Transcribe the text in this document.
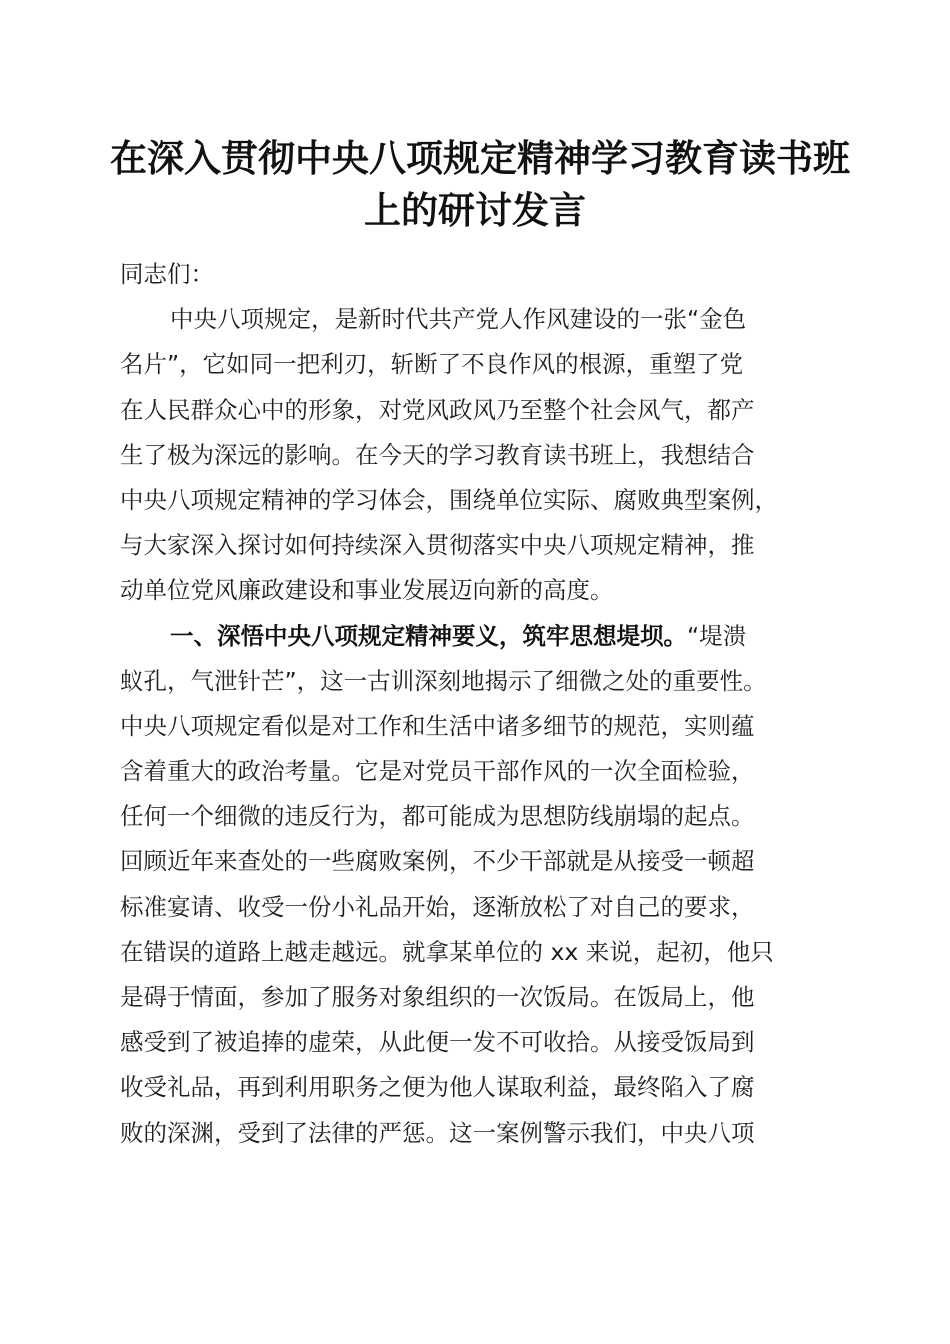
在深入贯彻中央八项规定精神学习教育读书班
上的研讨发言
同志们：
中央八项规定，是新时代共产党人作风建设的一张“金色
名片”，它如同一把利刃，斩断了不良作风的根源，重塑了党
在人民群众心中的形象，对党风政风乃至整个社会风气，都产
生了极为深远的影响。在今天的学习教育读书班上，我想结合
中央八项规定精神的学习体会，围绕单位实际、腐败典型案例，
与大家深入探讨如何持续深入贯彻落实中央八项规定精神，推
动单位党风廉政建设和事业发展迈向新的高度。
一、深悟中央八项规定精神要义，筑牢思想堤坝。“堤溃
蚁孔，气泄针芒”，这一古训深刻地揭示了细微之处的重要性。
中央八项规定看似是对工作和生活中诸多细节的规范，实则蕴
含着重大的政治考量。它是对党员干部作风的一次全面检验，
任何一个细微的违反行为，都可能成为思想防线崩塌的起点。
回顾近年来查处的一些腐败案例，不少干部就是从接受一顿超
标准宴请、收受一份小礼品开始，逐渐放松了对自己的要求，
在错误的道路上越走越远。就拿某单位的 xx 来说，起初，他只
是碍于情面，参加了服务对象组织的一次饭局。在饭局上，他
感受到了被追捧的虚荣，从此便一发不可收拾。从接受饭局到
收受礼品，再到利用职务之便为他人谋取利益，最终陷入了腐
败的深渊，受到了法律的严惩。这一案例警示我们，中央八项
